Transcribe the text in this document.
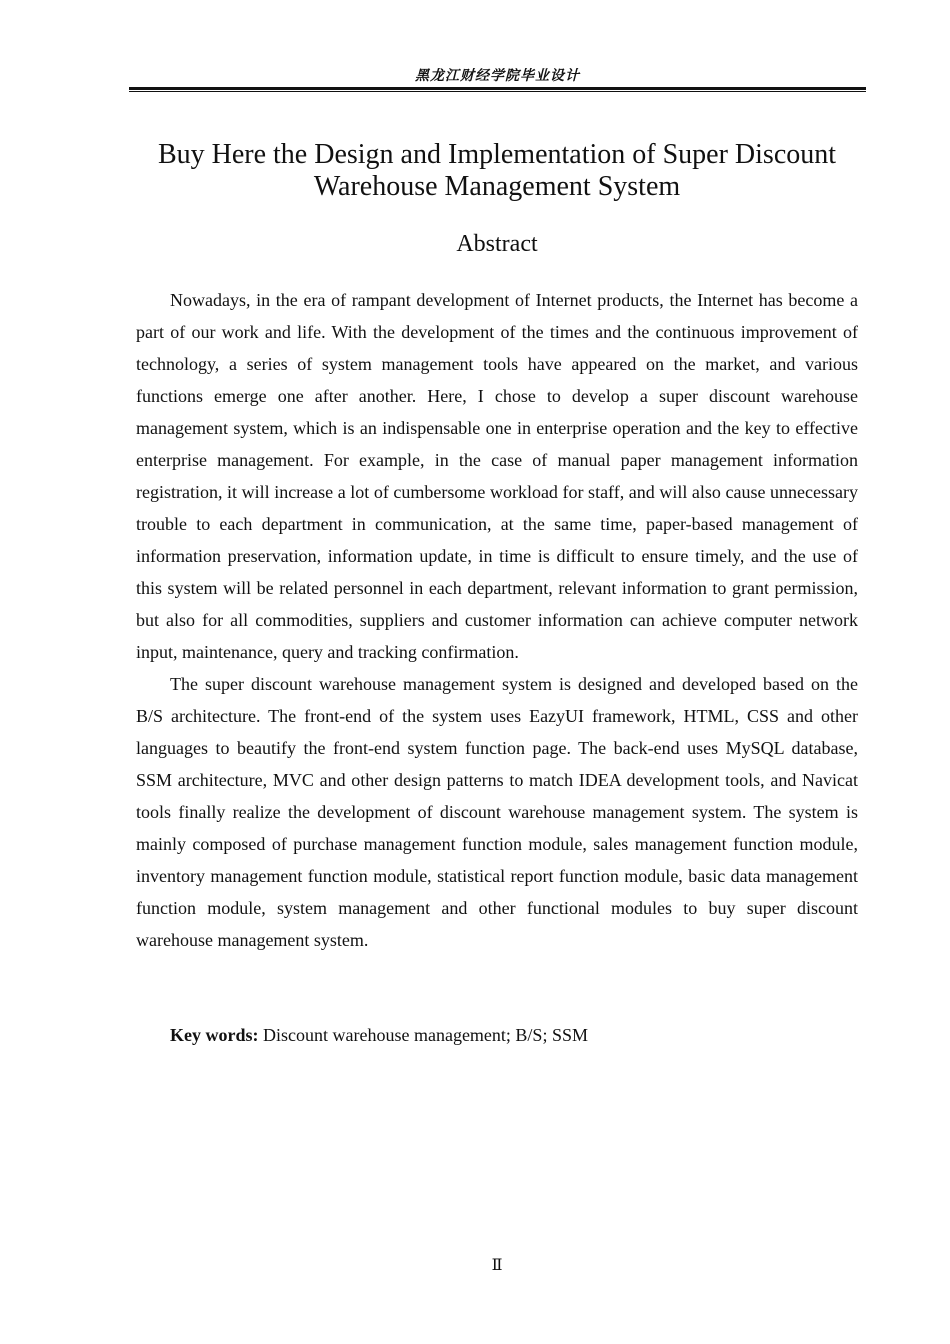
黑龙江财经学院毕业设计
Buy Here the Design and Implementation of Super Discount
Warehouse Management System
Abstract

Nowadays, in the era of rampant development of Internet products, the Internet has become a part of our work and life. With the development of the times and the continuous improvement of technology, a series of system management tools have appeared on the market, and various functions emerge one after another. Here, I chose to develop a super discount warehouse management system, which is an indispensable one in enterprise operation and the key to effective enterprise management. For example, in the case of manual paper management information registration, it will increase a lot of cumbersome workload for staff, and will also cause unnecessary trouble to each department in communication, at the same time, paper-based management of information preservation, information update, in time is difficult to ensure timely, and the use of this system will be related personnel in each department, relevant information to grant permission, but also for all commodities, suppliers and customer information can achieve computer network input, maintenance, query and tracking confirmation.

The super discount warehouse management system is designed and developed based on the B/S architecture. The front-end of the system uses EazyUI framework, HTML, CSS and other languages to beautify the front-end system function page. The back-end uses MySQL database, SSM architecture, MVC and other design patterns to match IDEA development tools, and Navicat tools finally realize the development of discount warehouse management system. The system is mainly composed of purchase management function module, sales management function module, inventory management function module, statistical report function module, basic data management function module, system management and other functional modules to buy super discount warehouse management system.

Key words: Discount warehouse management; B/S; SSM

Ⅱ
